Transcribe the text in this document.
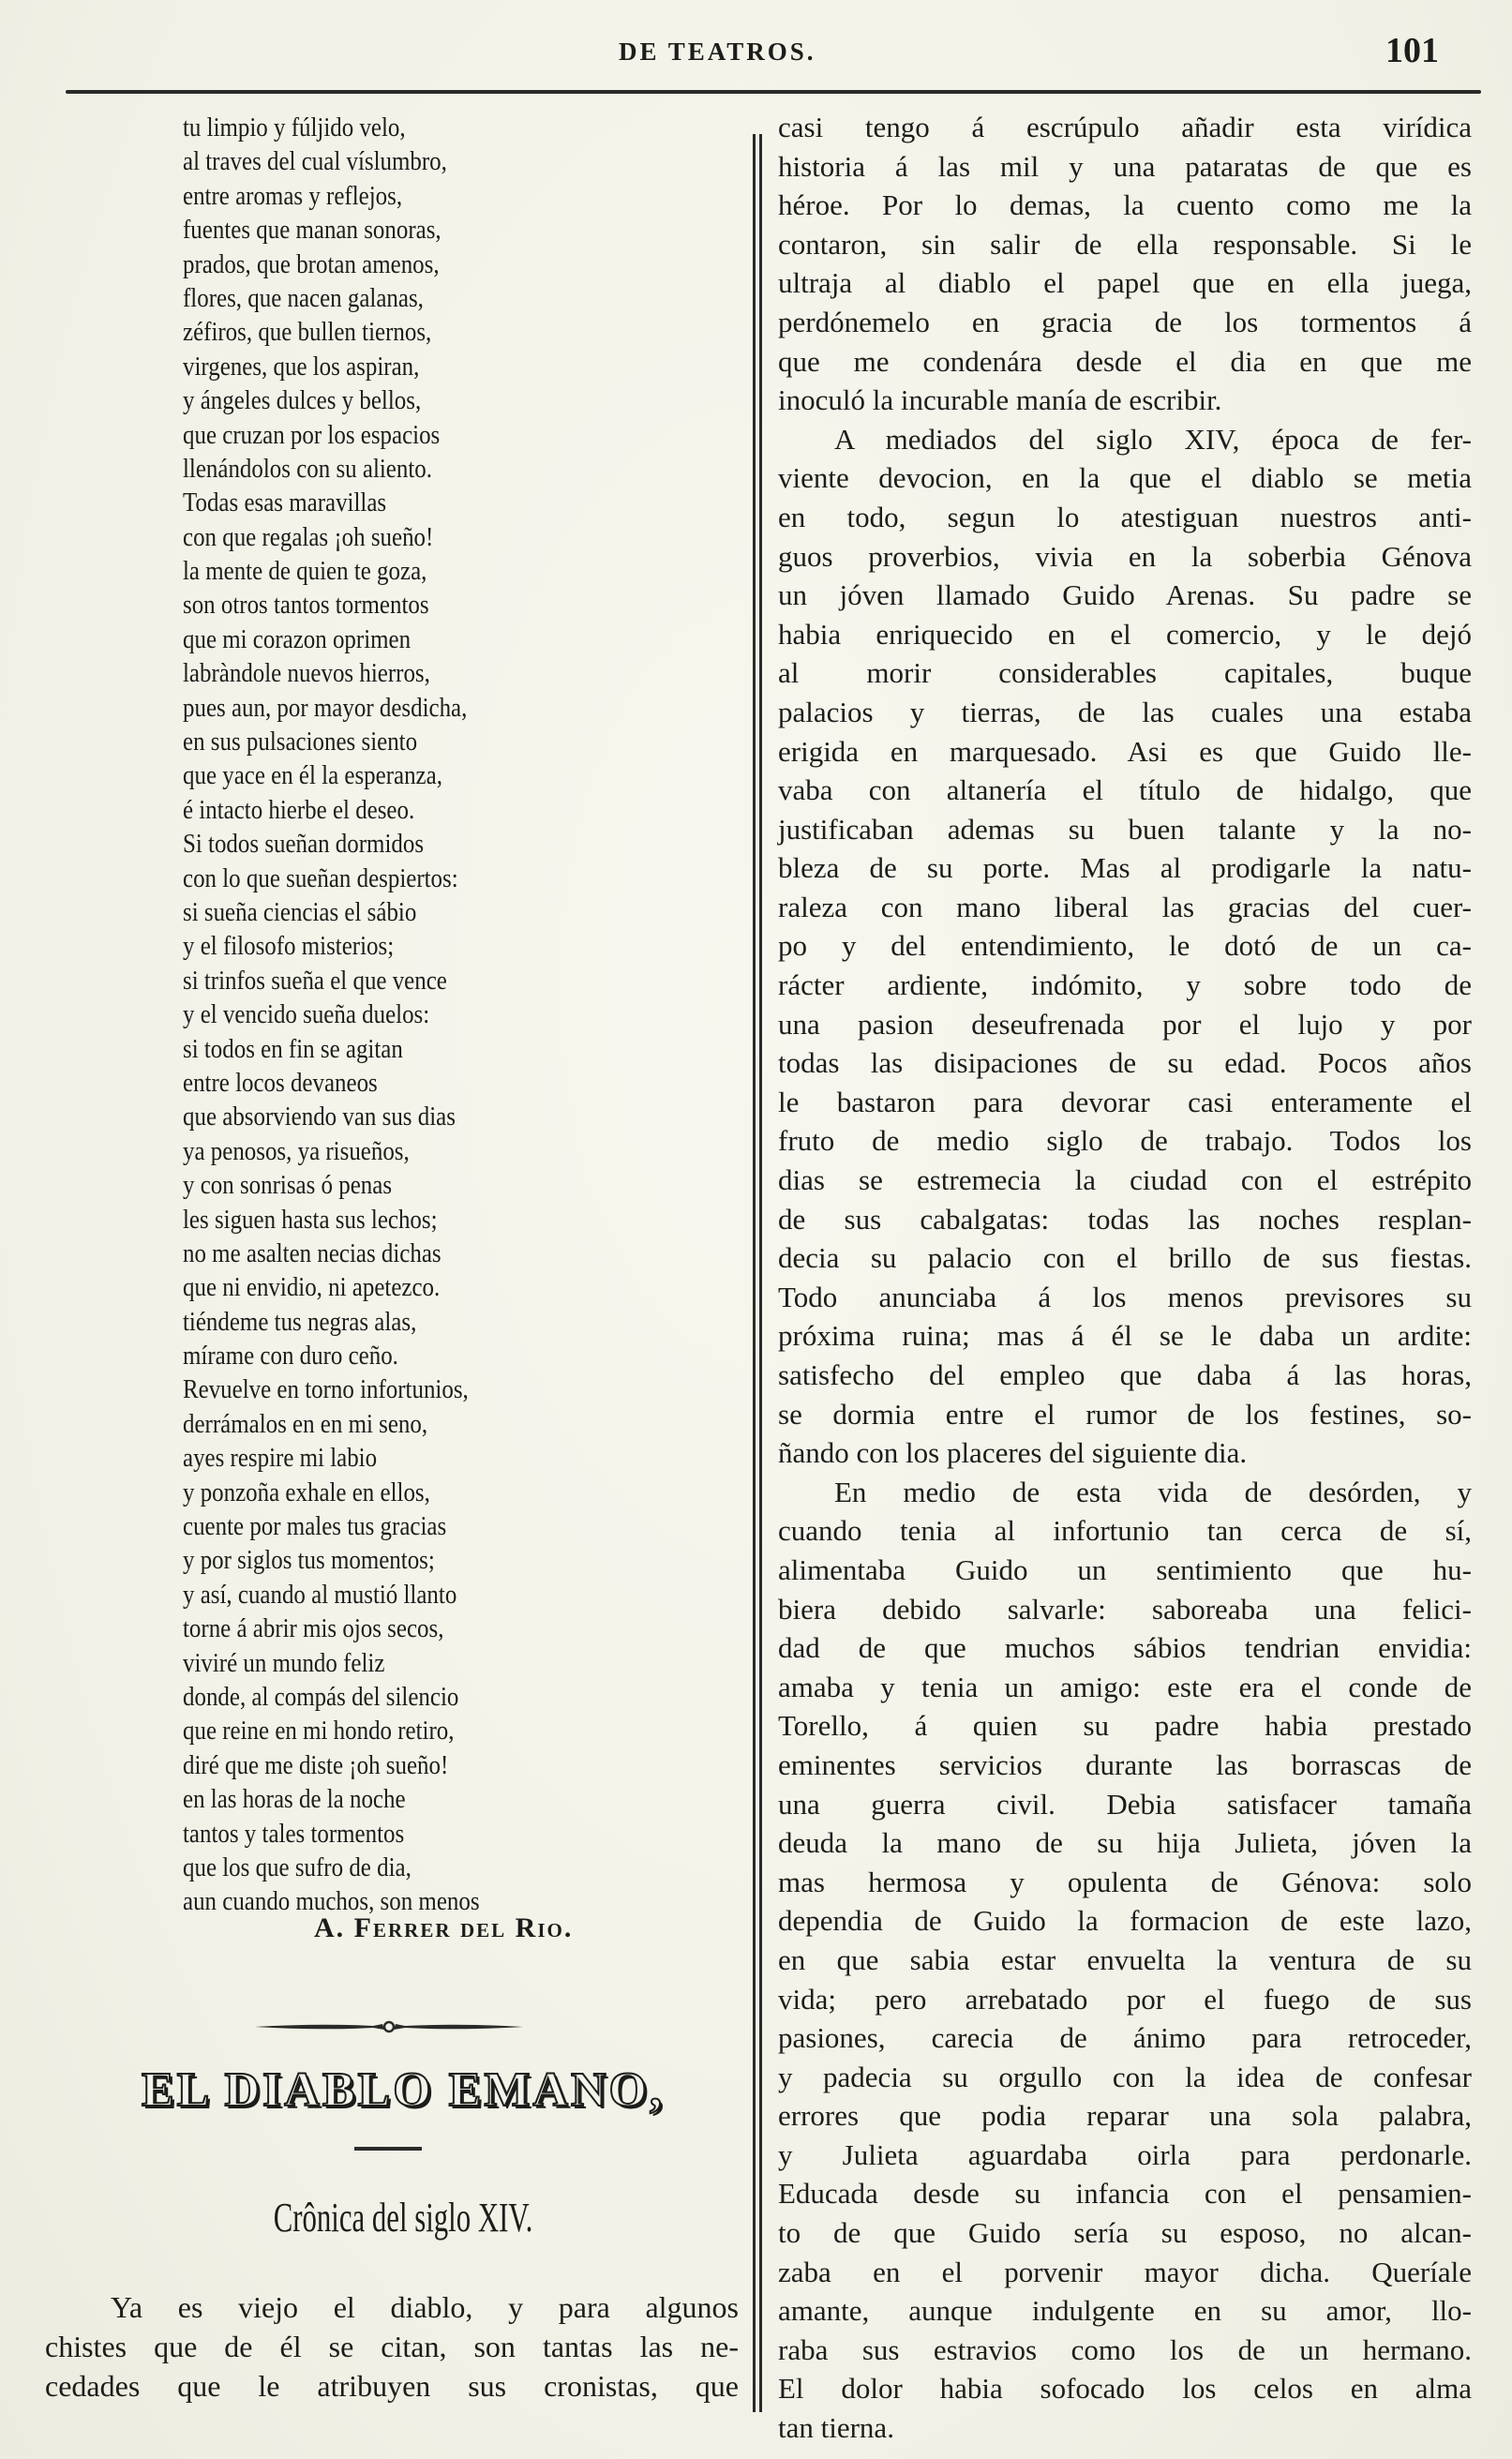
DE TEATROS.	101
tu limpio y fúljido velo,
al traves del cual víslumbro,
entre aromas y reflejos,
fuentes que manan sonoras,
prados, que brotan amenos,
flores, que nacen galanas,
zéfiros, que bullen tiernos,
virgenes, que los aspiran,
y ángeles dulces y bellos,
que cruzan por los espacios
llenándolos con su aliento.
Todas esas maravillas
con que regalas ¡oh sueño!
la mente de quien te goza,
son otros tantos tormentos
que mi corazon oprimen
labràndole nuevos hierros,
pues aun, por mayor desdicha,
en sus pulsaciones siento
que yace en él la esperanza,
é intacto hierbe el deseo.
Si todos sueñan dormidos
con lo que sueñan despiertos:
si sueña ciencias el sábio
y el filosofo misterios;
si trinfos sueña el que vence
y el vencido sueña duelos:
si todos en fin se agitan
entre locos devaneos
que absorviendo van sus dias
ya penosos, ya risueños,
y con sonrisas ó penas
les siguen hasta sus lechos;
no me asalten necias dichas
que ni envidio, ni apetezco.
tiéndeme tus negras alas,
mírame con duro ceño.
Revuelve en torno infortunios,
derrámalos en en mi seno,
ayes respire mi labio
y ponzoña exhale en ellos,
cuente por males tus gracias
y por siglos tus momentos;
y así, cuando al mustió llanto
torne á abrir mis ojos secos,
viviré un mundo feliz
donde, al compás del silencio
que reine en mi hondo retiro,
diré que me diste ¡oh sueño!
en las horas de la noche
tantos y tales tormentos
que los que sufro de dia,
aun cuando muchos, son menos
A. Ferrer del Rio.
EL DIABLO EMANO,
Crônica del siglo XIV.
Ya es viejo el diablo, y para algunos
chistes que de él se citan, son tantas las ne-
cedades que le atribuyen sus cronistas, que
casi tengo á escrúpulo añadir esta virídica
historia á las mil y una pataratas de que es
héroe. Por lo demas, la cuento como me la
contaron, sin salir de ella responsable. Si le
ultraja al diablo el papel que en ella juega,
perdónemelo en gracia de los tormentos á
que me condenára desde el dia en que me
inoculó la incurable manía de escribir.
A mediados del siglo XIV, época de fer-
viente devocion, en la que el diablo se metia
en todo, segun lo atestiguan nuestros anti-
guos proverbios, vivia en la soberbia Génova
un jóven llamado Guido Arenas. Su padre se
habia enriquecido en el comercio, y le dejó
al morir considerables capitales, buque
palacios y tierras, de las cuales una estaba
erigida en marquesado. Asi es que Guido lle-
vaba con altanería el título de hidalgo, que
justificaban ademas su buen talante y la no-
bleza de su porte. Mas al prodigarle la natu-
raleza con mano liberal las gracias del cuer-
po y del entendimiento, le dotó de un ca-
rácter ardiente, indómito, y sobre todo de
una pasion deseufrenada por el lujo y por
todas las disipaciones de su edad. Pocos años
le bastaron para devorar casi enteramente el
fruto de medio siglo de trabajo. Todos los
dias se estremecia la ciudad con el estrépito
de sus cabalgatas: todas las noches resplan-
decia su palacio con el brillo de sus fiestas.
Todo anunciaba á los menos previsores su
próxima ruina; mas á él se le daba un ardite:
satisfecho del empleo que daba á las horas,
se dormia entre el rumor de los festines, so-
ñando con los placeres del siguiente dia.
En medio de esta vida de desórden, y
cuando tenia al infortunio tan cerca de sí,
alimentaba Guido un sentimiento que hu-
biera debido salvarle: saboreaba una felici-
dad de que muchos sábios tendrian envidia:
amaba y tenia un amigo: este era el conde de
Torello, á quien su padre habia prestado
eminentes servicios durante las borrascas de
una guerra civil. Debia satisfacer tamaña
deuda la mano de su hija Julieta, jóven la
mas hermosa y opulenta de Génova: solo
dependia de Guido la formacion de este lazo,
en que sabia estar envuelta la ventura de su
vida; pero arrebatado por el fuego de sus
pasiones, carecia de ánimo para retroceder,
y padecia su orgullo con la idea de confesar
errores que podia reparar una sola palabra,
y Julieta aguardaba oirla para perdonarle.
Educada desde su infancia con el pensamien-
to de que Guido sería su esposo, no alcan-
zaba en el porvenir mayor dicha. Queríale
amante, aunque indulgente en su amor, llo-
raba sus estravios como los de un hermano.
El dolor habia sofocado los celos en alma
tan tierna.
